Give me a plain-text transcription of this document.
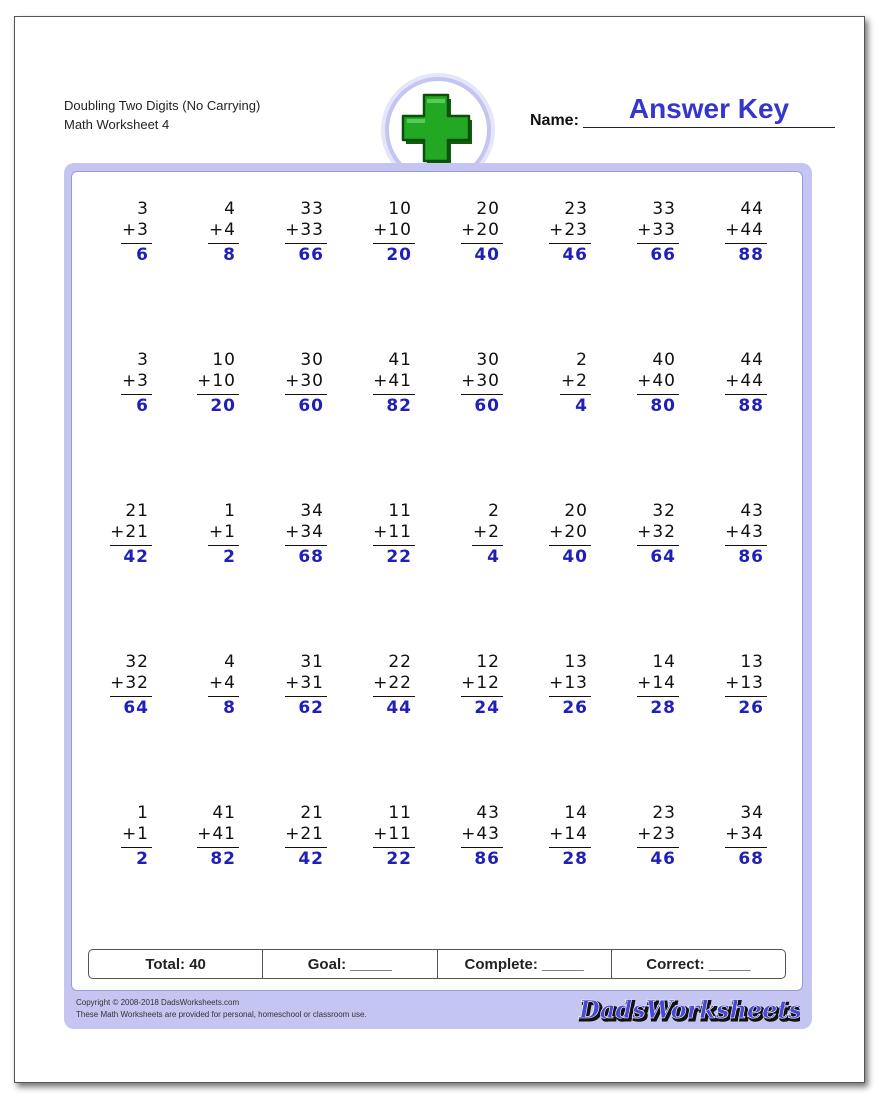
Doubling Two Digits (No Carrying)
Math Worksheet 4	Name:	Answer Key
3
+3
6
4
+4
8
33
+33
66
10
+10
20
20
+20
40
23
+23
46
33
+33
66
44
+44
88
3
+3
6
10
+10
20
30
+30
60
41
+41
82
30
+30
60
2
+2
4
40
+40
80
44
+44
88
21
+21
42
1
+1
2
34
+34
68
11
+11
22
2
+2
4
20
+20
40
32
+32
64
43
+43
86
32
+32
64
4
+4
8
31
+31
62
22
+22
44
12
+12
24
13
+13
26
14
+14
28
13
+13
26
1
+1
2
41
+41
82
21
+21
42
11
+11
22
43
+43
86
14
+14
28
23
+23
46
34
+34
68
Total: 40	Goal: _____	Complete: _____	Correct: _____
Copyright © 2008-2018 DadsWorksheets.com
These Math Worksheets are provided for personal, homeschool or classroom use.	DadsWorksheet
DadsWorksheet
